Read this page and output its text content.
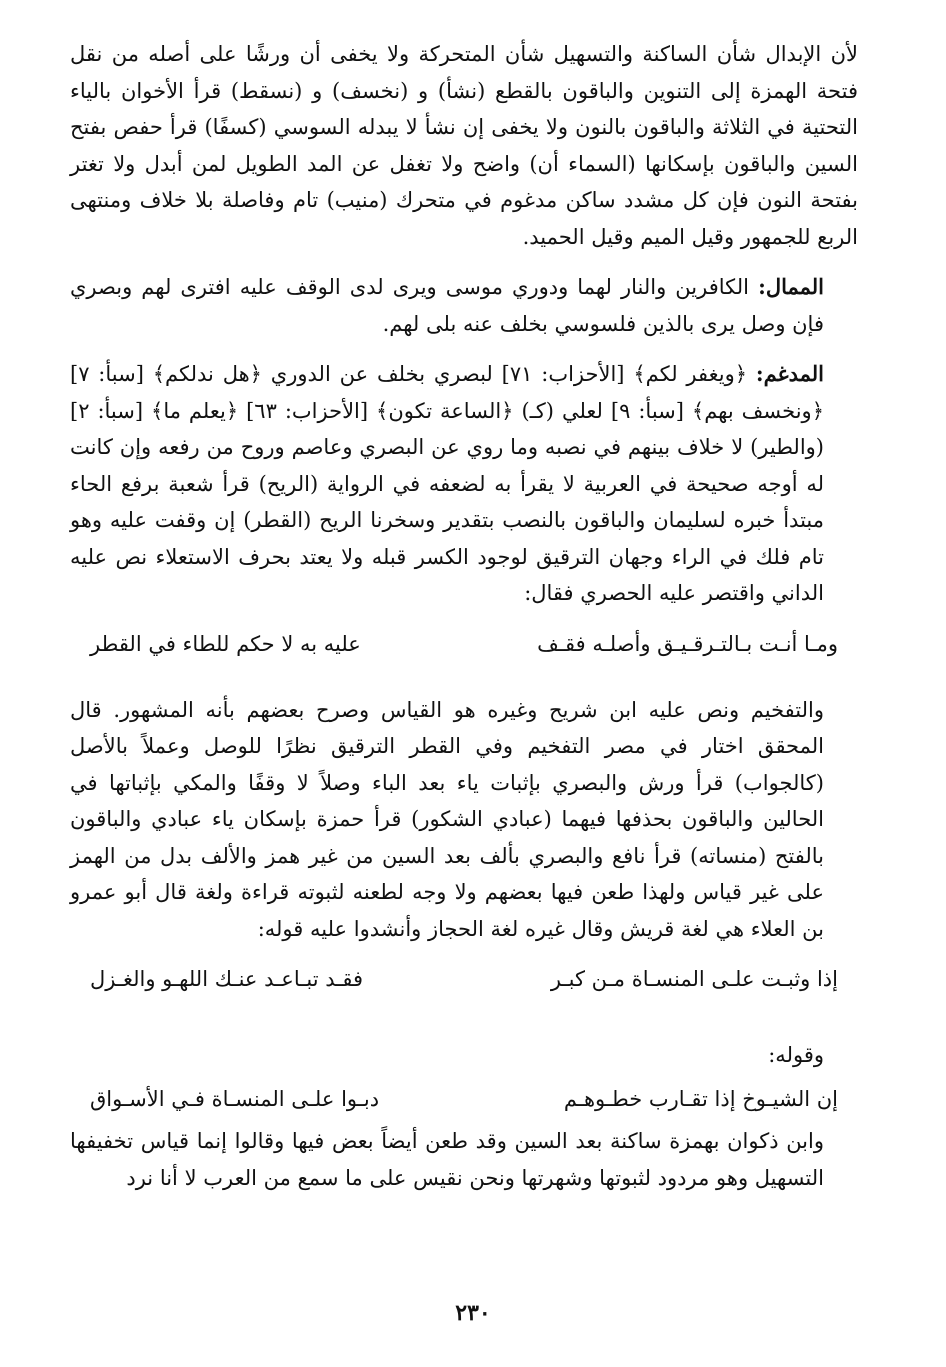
لأن الإبدال شأن الساكنة والتسهيل شأن المتحركة ولا يخفى أن ورشًا على أصله من نقل فتحة الهمزة إلى التنوين والباقون بالقطع (نشأ) و (نخسف) و (نسقط) قرأ الأخوان بالياء التحتية في الثلاثة والباقون بالنون ولا يخفى إن نشأ لا يبدله السوسي (كسفًا) قرأ حفص بفتح السين والباقون بإسكانها (السماء أن) واضح ولا تغفل عن المد الطويل لمن أبدل ولا تغتر بفتحة النون فإن كل مشدد ساكن مدغوم في متحرك (منيب) تام وفاصلة بلا خلاف ومنتهى الربع للجمهور وقيل الميم وقيل الحميد.

الممال: الكافرين والنار لهما ودوري موسى ويرى لدى الوقف عليه افترى لهم وبصري فإن وصل يرى بالذين فلسوسي بخلف عنه بلى لهم.

المدغم: ﴿ويغفر لكم﴾ [الأحزاب: ٧١] لبصري بخلف عن الدوري ﴿هل ندلكم﴾ [سبأ: ٧] ﴿ونخسف بهم﴾ [سبأ: ٩] لعلي (كـ) ﴿الساعة تكون﴾ [الأحزاب: ٦٣] ﴿يعلم ما﴾ [سبأ: ٢] (والطير) لا خلاف بينهم في نصبه وما روي عن البصري وعاصم وروح من رفعه وإن كانت له أوجه صحيحة في العربية لا يقرأ به لضعفه في الرواية (الريح) قرأ شعبة برفع الحاء مبتدأ خبره لسليمان والباقون بالنصب بتقدير وسخرنا الريح (القطر) إن وقفت عليه وهو تام فلك في الراء وجهان الترقيق لوجود الكسر قبله ولا يعتد بحرف الاستعلاء نص عليه الداني واقتصر عليه الحصري فقال:

ومـا أنـت بـالتـرقـيـق وأصلـه فقـف
عليه به لا حكم للطاء في القطر

والتفخيم ونص عليه ابن شريح وغيره هو القياس وصرح بعضهم بأنه المشهور. قال المحقق اختار في مصر التفخيم وفي القطر الترقيق نظرًا للوصل وعملاً بالأصل (كالجواب) قرأ ورش والبصري بإثبات ياء بعد الباء وصلاً لا وقفًا والمكي بإثباتها في الحالين والباقون بحذفها فيهما (عبادي الشكور) قرأ حمزة بإسكان ياء عبادي والباقون بالفتح (منساته) قرأ نافع والبصري بألف بعد السين من غير همز والألف بدل من الهمز على غير قياس ولهذا طعن فيها بعضهم ولا وجه لطعنه لثبوته قراءة ولغة قال أبو عمرو بن العلاء هي لغة قريش وقال غيره لغة الحجاز وأنشدوا عليه قوله:

إذا وثبـت علـى المنسـاة مـن كبـر
فقـد تبـاعـد عنـك اللهـو والغـزل
وقوله:
إن الشيـوخ إذا تقـارب خطـوهـم
دبـوا علـى المنسـاة فـي الأسـواق

وابن ذكوان بهمزة ساكنة بعد السين وقد طعن أيضاً بعض فيها وقالوا إنما قياس تخفيفها التسهيل وهو مردود لثبوتها وشهرتها ونحن نقيس على ما سمع من العرب لا أنا نرد

٢٣٠
